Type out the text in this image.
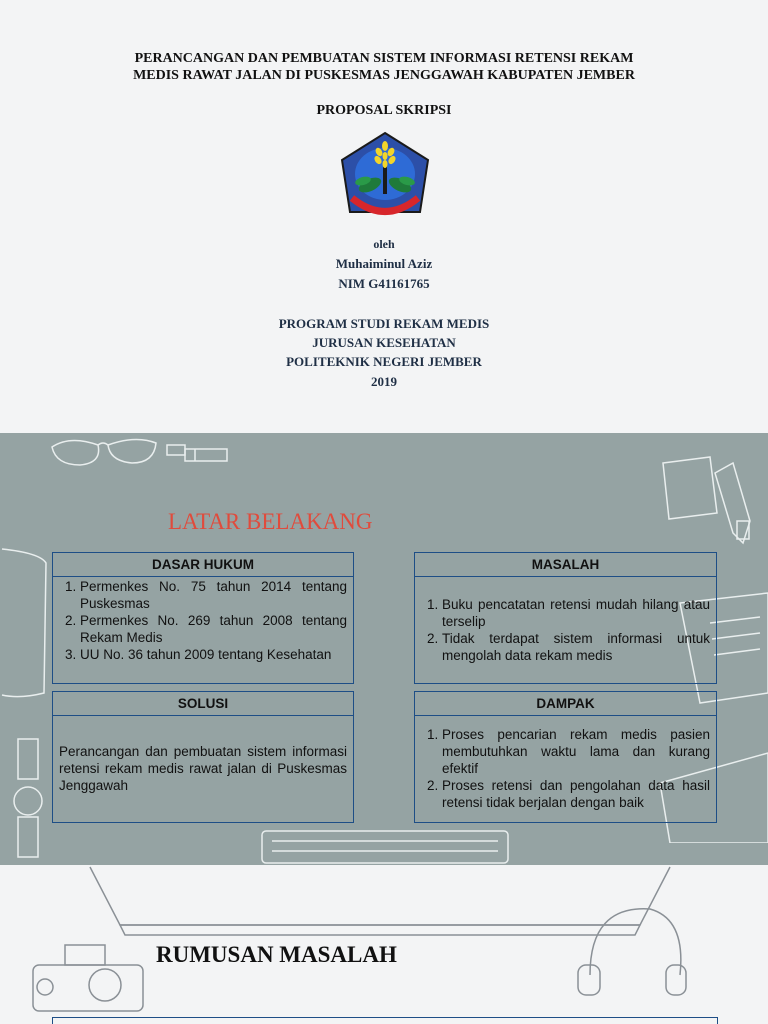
PERANCANGAN DAN PEMBUATAN SISTEM INFORMASI RETENSI REKAM
MEDIS RAWAT JALAN DI PUSKESMAS JENGGAWAH KABUPATEN JEMBER
PROPOSAL SKRIPSI
oleh
Muhaiminul Aziz
NIM G41161765
PROGRAM STUDI REKAM MEDIS
JURUSAN KESEHATAN
POLITEKNIK NEGERI JEMBER
2019
LATAR BELAKANG
DASAR HUKUM
1. Permenkes No. 75 tahun 2014 tentang Puskesmas
2. Permenkes No. 269 tahun 2008 tentang Rekam Medis
3. UU No. 36 tahun 2009 tentang Kesehatan
MASALAH
1. Buku pencatatan retensi mudah hilang atau terselip
2. Tidak terdapat sistem informasi untuk mengolah data rekam medis
SOLUSI

Perancangan dan pembuatan sistem informasi retensi rekam medis rawat jalan di Puskesmas Jenggawah

DAMPAK
1. Proses pencarian rekam medis pasien membutuhkan waktu lama dan kurang efektif
2. Proses retensi dan pengolahan data hasil retensi tidak berjalan dengan baik
RUMUSAN MASALAH
